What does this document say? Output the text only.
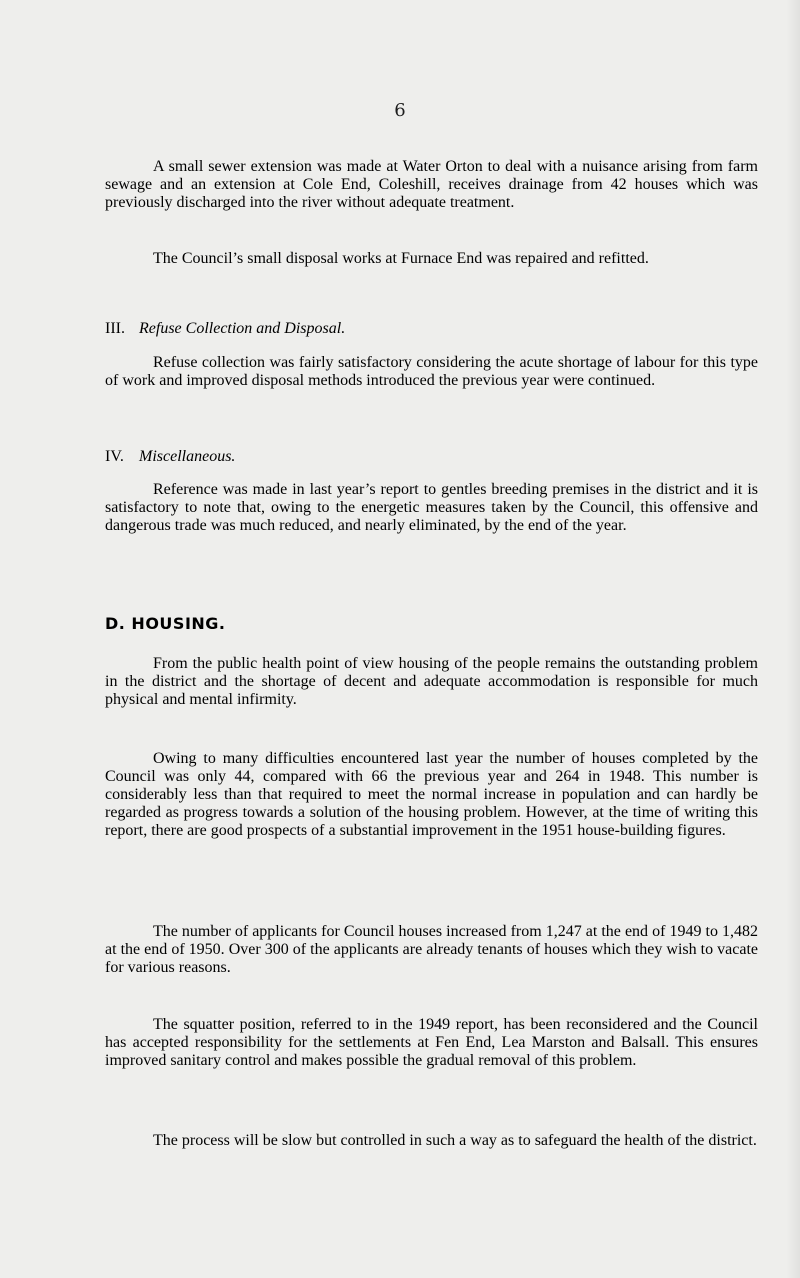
6

A small sewer extension was made at Water Orton to deal with a nuisance arising from farm sewage and an extension at Cole End, Coleshill, receives drainage from 42 houses which was previously discharged into the river without adequate treatment.

The Council’s small disposal works at Furnace End was repaired and refitted.

III. Refuse Collection and Disposal.

Refuse collection was fairly satisfactory considering the acute shortage of labour for this type of work and improved disposal methods introduced the previous year were continued.

IV. Miscellaneous.

Reference was made in last year’s report to gentles breeding premises in the district and it is satisfactory to note that, owing to the energetic measures taken by the Council, this offensive and dangerous trade was much reduced, and nearly eliminated, by the end of the year.

D. HOUSING.

From the public health point of view housing of the people remains the outstanding problem in the district and the shortage of decent and adequate accommodation is responsible for much physical and mental infirmity.

Owing to many difficulties encountered last year the number of houses completed by the Council was only 44, compared with 66 the previous year and 264 in 1948. This number is considerably less than that required to meet the normal increase in population and can hardly be regarded as progress towards a solution of the housing problem. However, at the time of writing this report, there are good prospects of a substantial improvement in the 1951 house-building figures.

The number of applicants for Council houses increased from 1,247 at the end of 1949 to 1,482 at the end of 1950. Over 300 of the applicants are already tenants of houses which they wish to vacate for various reasons.

The squatter position, referred to in the 1949 report, has been reconsidered and the Council has accepted responsibility for the settlements at Fen End, Lea Marston and Balsall. This ensures improved sanitary control and makes possible the gradual removal of this problem.

The process will be slow but controlled in such a way as to safeguard the health of the district.
